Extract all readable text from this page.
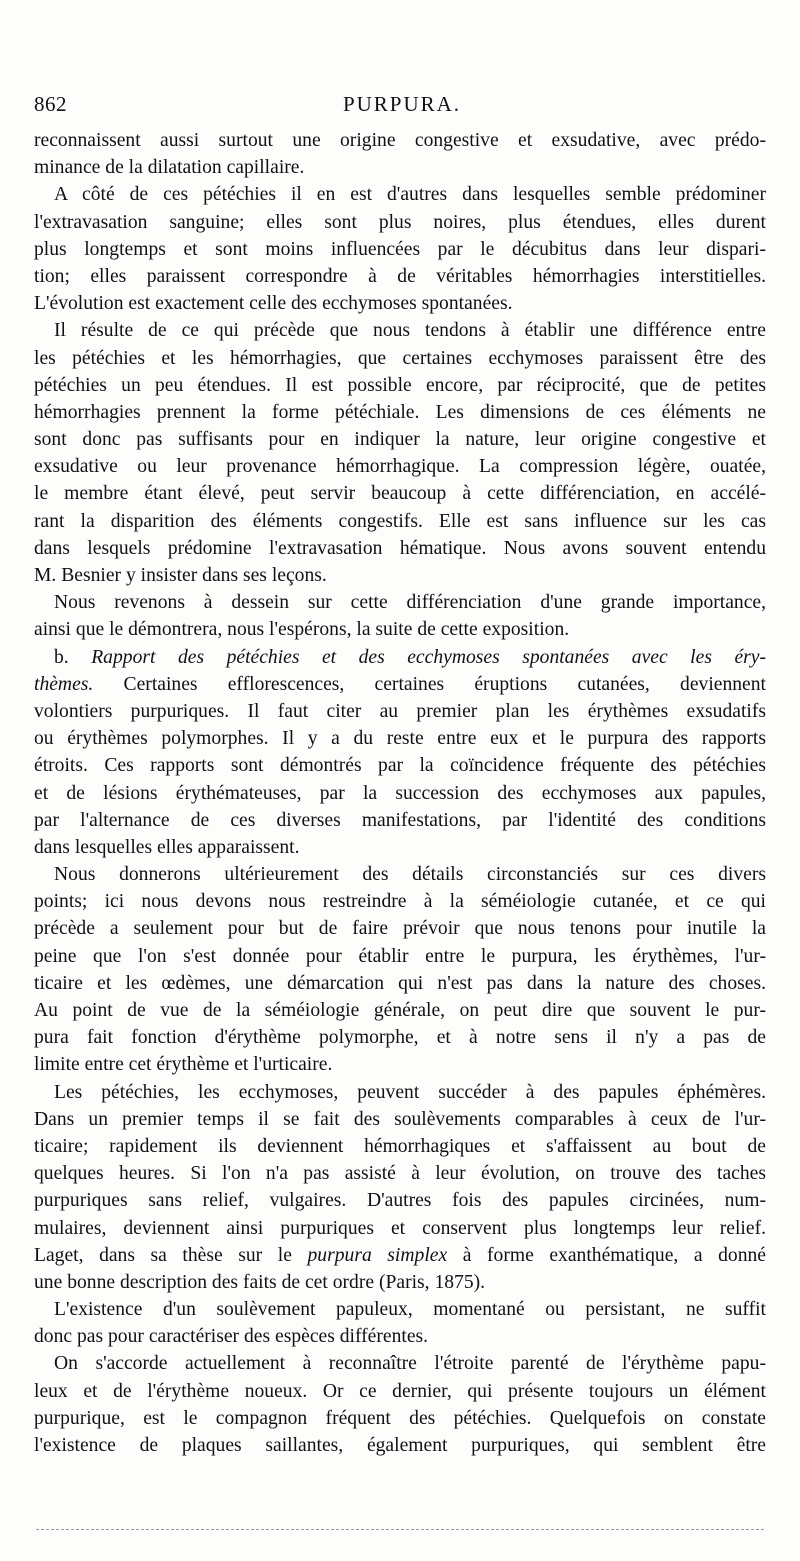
862	PURPURA.
reconnaissent aussi surtout une origine congestive et exsudative, avec prédo-
minance de la dilatation capillaire.
A côté de ces pétéchies il en est d'autres dans lesquelles semble prédominer
l'extravasation sanguine; elles sont plus noires, plus étendues, elles durent
plus longtemps et sont moins influencées par le décubitus dans leur dispari-
tion; elles paraissent correspondre à de véritables hémorrhagies interstitielles.
L'évolution est exactement celle des ecchymoses spontanées.
Il résulte de ce qui précède que nous tendons à établir une différence entre
les pétéchies et les hémorrhagies, que certaines ecchymoses paraissent être des
pétéchies un peu étendues. Il est possible encore, par réciprocité, que de petites
hémorrhagies prennent la forme pétéchiale. Les dimensions de ces éléments ne
sont donc pas suffisants pour en indiquer la nature, leur origine congestive et
exsudative ou leur provenance hémorrhagique. La compression légère, ouatée,
le membre étant élevé, peut servir beaucoup à cette différenciation, en accélé-
rant la disparition des éléments congestifs. Elle est sans influence sur les cas
dans lesquels prédomine l'extravasation hématique. Nous avons souvent entendu
M. Besnier y insister dans ses leçons.
Nous revenons à dessein sur cette différenciation d'une grande importance,
ainsi que le démontrera, nous l'espérons, la suite de cette exposition.
b. Rapport des pétéchies et des ecchymoses spontanées avec les éry-
thèmes. Certaines efflorescences, certaines éruptions cutanées, deviennent
volontiers purpuriques. Il faut citer au premier plan les érythèmes exsudatifs
ou érythèmes polymorphes. Il y a du reste entre eux et le purpura des rapports
étroits. Ces rapports sont démontrés par la coïncidence fréquente des pétéchies
et de lésions érythémateuses, par la succession des ecchymoses aux papules,
par l'alternance de ces diverses manifestations, par l'identité des conditions
dans lesquelles elles apparaissent.
Nous donnerons ultérieurement des détails circonstanciés sur ces divers
points; ici nous devons nous restreindre à la séméiologie cutanée, et ce qui
précède a seulement pour but de faire prévoir que nous tenons pour inutile la
peine que l'on s'est donnée pour établir entre le purpura, les érythèmes, l'ur-
ticaire et les œdèmes, une démarcation qui n'est pas dans la nature des choses.
Au point de vue de la séméiologie générale, on peut dire que souvent le pur-
pura fait fonction d'érythème polymorphe, et à notre sens il n'y a pas de
limite entre cet érythème et l'urticaire.
Les pétéchies, les ecchymoses, peuvent succéder à des papules éphémères.
Dans un premier temps il se fait des soulèvements comparables à ceux de l'ur-
ticaire; rapidement ils deviennent hémorrhagiques et s'affaissent au bout de
quelques heures. Si l'on n'a pas assisté à leur évolution, on trouve des taches
purpuriques sans relief, vulgaires. D'autres fois des papules circinées, num-
mulaires, deviennent ainsi purpuriques et conservent plus longtemps leur relief.
Laget, dans sa thèse sur le purpura simplex à forme exanthématique, a donné
une bonne description des faits de cet ordre (Paris, 1875).
L'existence d'un soulèvement papuleux, momentané ou persistant, ne suffit
donc pas pour caractériser des espèces différentes.
On s'accorde actuellement à reconnaître l'étroite parenté de l'érythème papu-
leux et de l'érythème noueux. Or ce dernier, qui présente toujours un élément
purpurique, est le compagnon fréquent des pétéchies. Quelquefois on constate
l'existence de plaques saillantes, également purpuriques, qui semblent être
